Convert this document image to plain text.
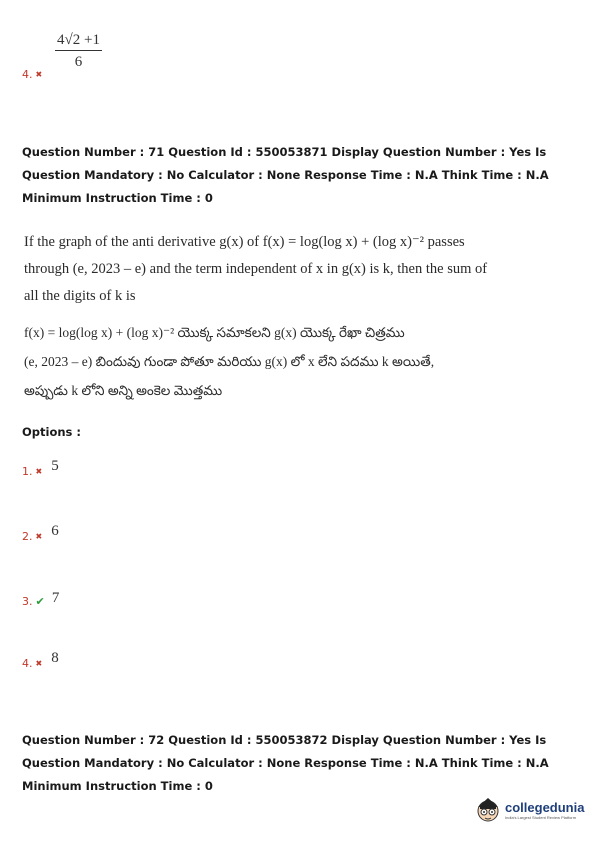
4. ✖
$\frac{4√2 +1}{6}$
Question Number : 71 Question Id : 550053871 Display Question Number : Yes Is Question Mandatory : No Calculator : None Response Time : N.A Think Time : N.A Minimum Instruction Time : 0
If the graph of the anti derivative g(x) of f(x) = log(log x) + (log x)⁻² passes
through (e, 2023 – e) and the term independent of x in g(x) is k, then the sum of
all the digits of k is
f(x) = log(log x) + (log x)⁻² యొక్క సమాకలని g(x) యొక్క రేఖా చిత్రము
(e, 2023 – e) బిందువు గుండా పోతూ మరియు g(x) లో x లేని పదము k అయితే,
అప్పుడు k లోని అన్ని అంకెల మొత్తము
Options :
1. ✖ 5
2. ✖ 6
3. ✔ 7
4. ✖ 8
Question Number : 72 Question Id : 550053872 Display Question Number : Yes Is Question Mandatory : No Calculator : None Response Time : N.A Think Time : N.A Minimum Instruction Time : 0
collegedunia
India's Largest Student Review Platform
